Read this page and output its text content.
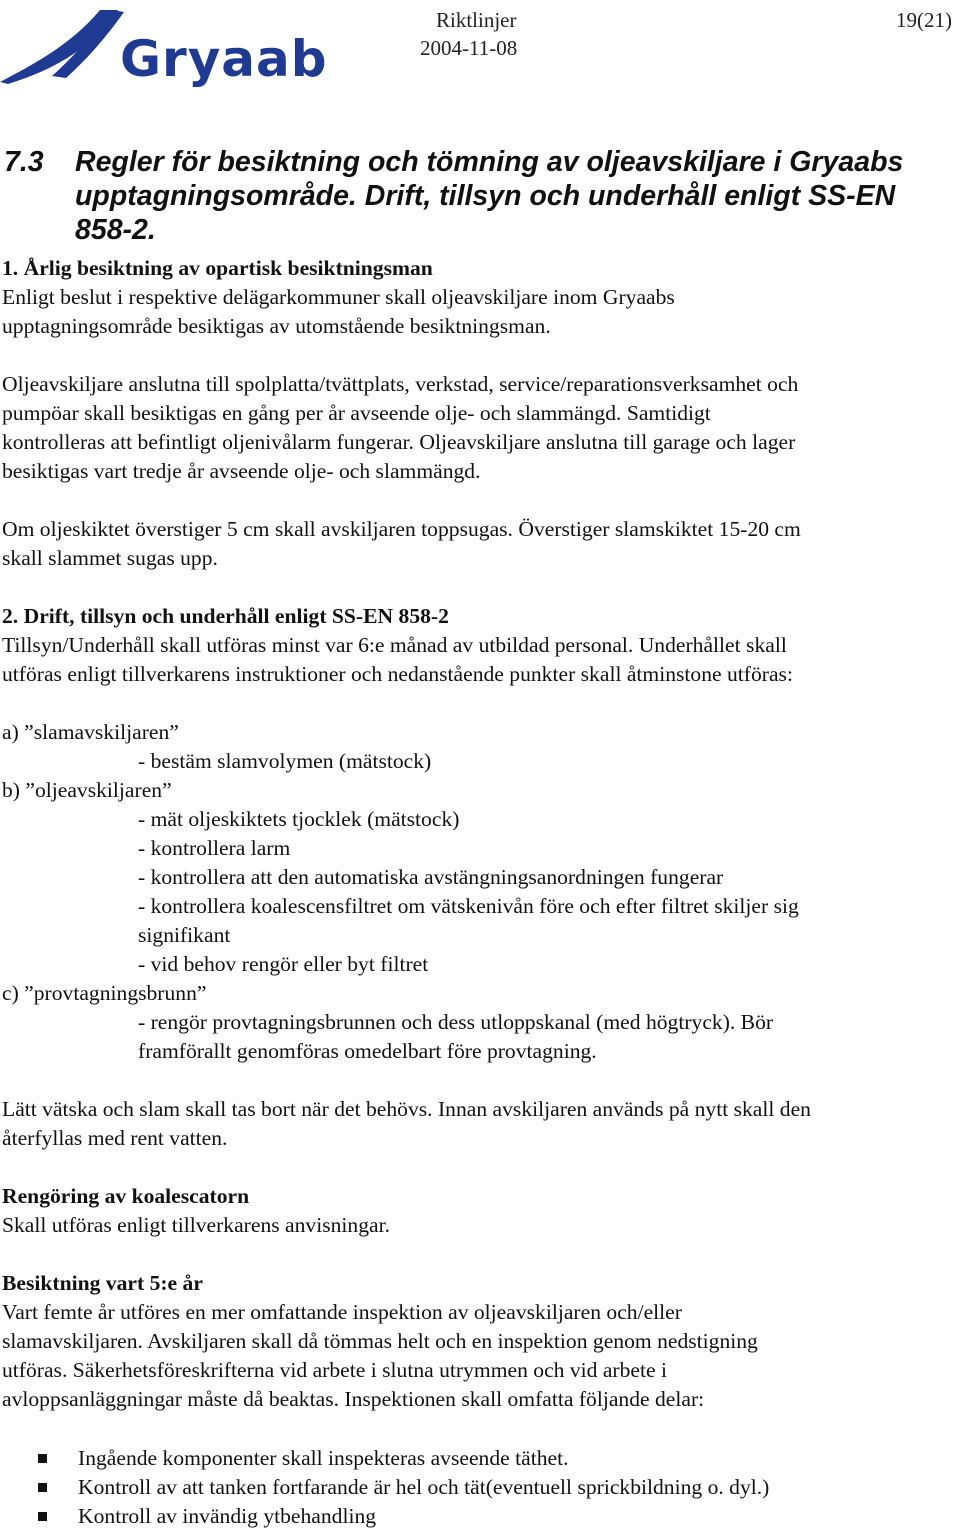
Gryaab
Riktlinjer
2004-11-08
19(21)
7.3 Regler för besiktning och tömning av oljeavskiljare i Gryaabs upptagningsområde. Drift, tillsyn och underhåll enligt SS-EN 858-2.
1. Årlig besiktning av opartisk besiktningsman
Enligt beslut i respektive delägarkommuner skall oljeavskiljare inom Gryaabs
upptagningsområde besiktigas av utomstående besiktningsman.
Oljeavskiljare anslutna till spolplatta/tvättplats, verkstad, service/reparationsverksamhet och
pumpöar skall besiktigas en gång per år avseende olje- och slammängd. Samtidigt
kontrolleras att befintligt oljenivålarm fungerar. Oljeavskiljare anslutna till garage och lager
besiktigas vart tredje år avseende olje- och slammängd.
Om oljeskiktet överstiger 5 cm skall avskiljaren toppsugas. Överstiger slamskiktet 15-20 cm
skall slammet sugas upp.
2. Drift, tillsyn och underhåll enligt SS-EN 858-2
Tillsyn/Underhåll skall utföras minst var 6:e månad av utbildad personal. Underhållet skall
utföras enligt tillverkarens instruktioner och nedanstående punkter skall åtminstone utföras:
a) ”slamavskiljaren”
- bestäm slamvolymen (mätstock)
b) ”oljeavskiljaren”
- mät oljeskiktets tjocklek (mätstock)
- kontrollera larm
- kontrollera att den automatiska avstängningsanordningen fungerar
- kontrollera koalescensfiltret om vätskenivån före och efter filtret skiljer sig
signifikant
- vid behov rengör eller byt filtret
c) ”provtagningsbrunn”
- rengör provtagningsbrunnen och dess utloppskanal (med högtryck). Bör
framförallt genomföras omedelbart före provtagning.
Lätt vätska och slam skall tas bort när det behövs. Innan avskiljaren används på nytt skall den
återfyllas med rent vatten.
Rengöring av koalescatorn
Skall utföras enligt tillverkarens anvisningar.
Besiktning vart 5:e år
Vart femte år utföres en mer omfattande inspektion av oljeavskiljaren och/eller
slamavskiljaren. Avskiljaren skall då tömmas helt och en inspektion genom nedstigning
utföras. Säkerhetsföreskrifterna vid arbete i slutna utrymmen och vid arbete i
avloppsanläggningar måste då beaktas. Inspektionen skall omfatta följande delar:
Ingående komponenter skall inspekteras avseende täthet.
Kontroll av att tanken fortfarande är hel och tät(eventuell sprickbildning o. dyl.)
Kontroll av invändig ytbehandling
